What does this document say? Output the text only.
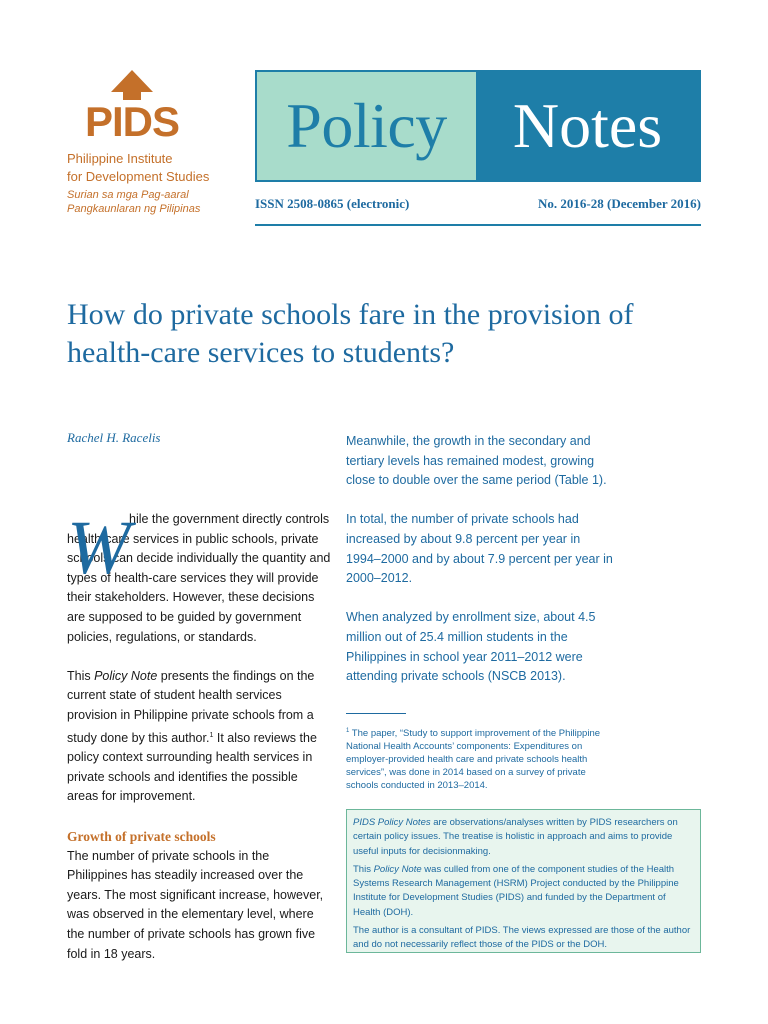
PIDS
Philippine Institute
for Development Studies
Surian sa mga Pag-aaral
Pangkaunlaran ng Pilipinas
Policy Notes
ISSN 2508-0865 (electronic)	No. 2016-28 (December 2016)
How do private schools fare in the provision of health-care services to students?
Rachel H. Racelis
W
hile the government directly controls

health-care services in public schools, private schools can decide individually the quantity and types of health-care services they will provide their stakeholders. However, these decisions are supposed to be guided by government policies, regulations, or standards.

This Policy Note presents the findings on the current state of student health services provision in Philippine private schools from a study done by this author.$^1$ It also reviews the policy context surrounding health services in private schools and identifies the possible areas for improvement.

Growth of private schools

The number of private schools in the Philippines has steadily increased over the years. The most significant increase, however, was observed in the elementary level, where the number of private schools has grown five fold in 18 years.

Meanwhile, the growth in the secondary and tertiary levels has remained modest, growing close to double over the same period (Table 1).

In total, the number of private schools had increased by about 9.8 percent per year in 1994–2000 and by about 7.9 percent per year in 2000–2012.

When analyzed by enrollment size, about 4.5 million out of 25.4 million students in the Philippines in school year 2011–2012 were attending private schools (NSCB 2013).

$^1$ The paper, “Study to support improvement of the Philippine National Health Accounts’ components: Expenditures on employer-provided health care and private schools health services”, was done in 2014 based on a survey of private schools conducted in 2013–2014.

PIDS Policy Notes are observations/analyses written by PIDS researchers on certain policy issues. The treatise is holistic in approach and aims to provide useful inputs for decisionmaking.

This Policy Note was culled from one of the component studies of the Health Systems Research Management (HSRM) Project conducted by the Philippine Institute for Development Studies (PIDS) and funded by the Department of Health (DOH).

The author is a consultant of PIDS. The views expressed are those of the author and do not necessarily reflect those of the PIDS or the DOH.
